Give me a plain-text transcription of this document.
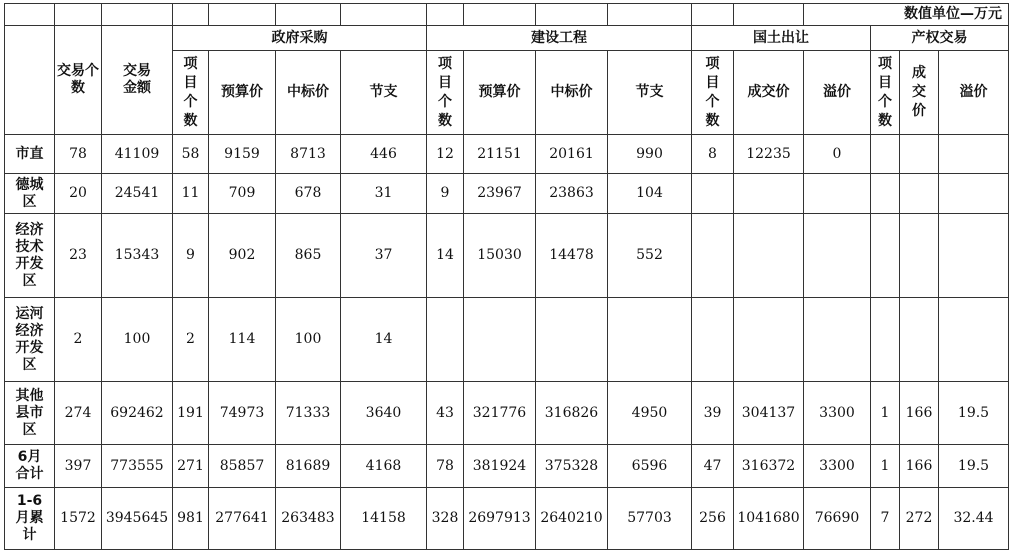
													数值单位—万元			
	交易个数	交易金额	政府采购				建设工程				国土出让			产权交易		

			项目个数	预算价	中标价	节支	项目个数	预算价	中标价	节支	项目个数	成交价	溢价	项目个数	成交价	溢价
市直	78	41109	58	9159	8713	446	12	21151	20161	990	8	12235	0			

德城区	20	24541	11	709	678	31	9	23967	23863	104						

经济技术开发区	23	15343	9	902	865	37	14	15030	14478	552						

运河经济开发区	2	100	2	114	100	14										

其他县市区	274	692462	191	74973	71333	3640	43	321776	316826	4950	39	304137	3300	1	166	19.5

6月合计	397	773555	271	85857	81689	4168	78	381924	375328	6596	47	316372	3300	1	166	19.5

1-6月累计	1572	3945645	981	277641	263483	14158	328	2697913	2640210	57703	256	1041680	76690	7	272	32.44
